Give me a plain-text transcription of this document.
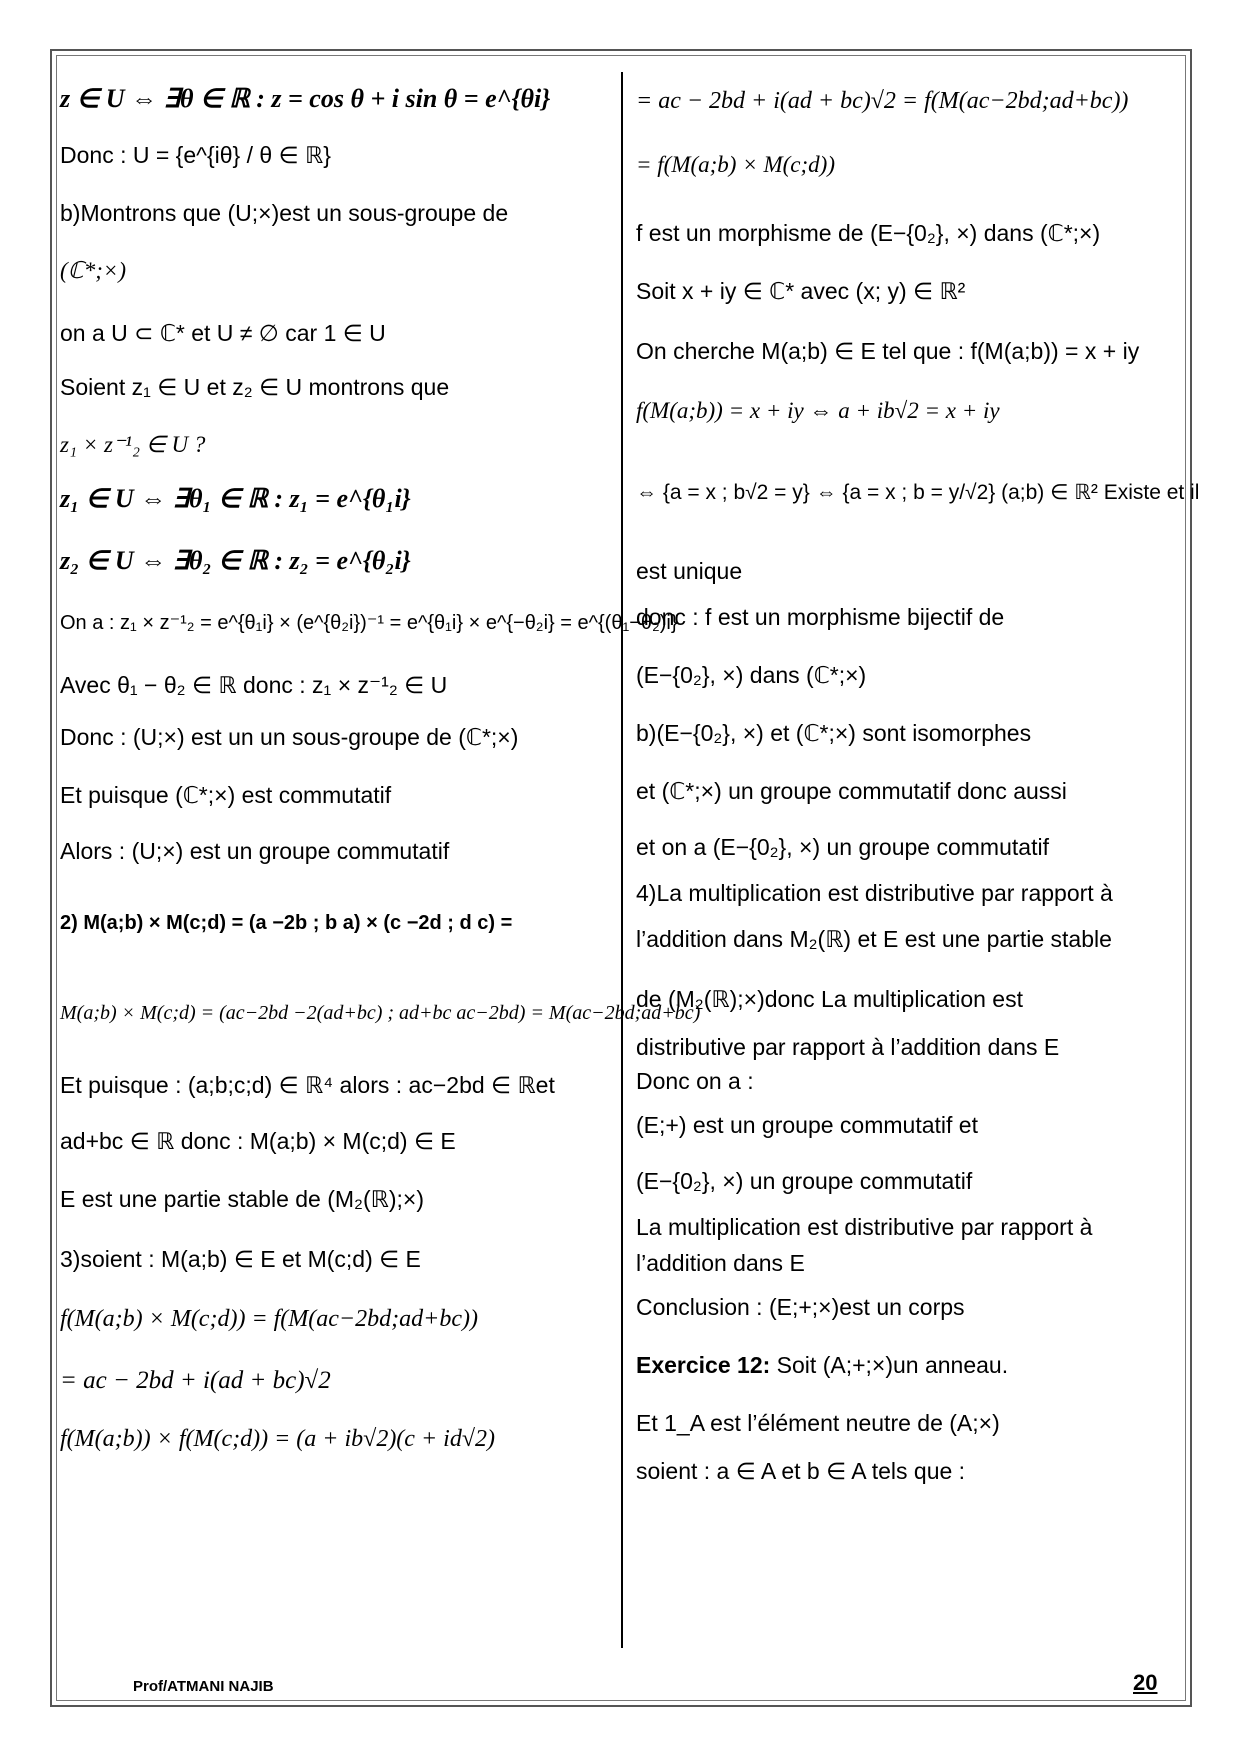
z ∈ U ⇔ ∃θ ∈ ℝ : z = cos θ + i sin θ = e^{θi}
Donc : U = {e^{iθ} / θ ∈ ℝ}
b)Montrons que (U;×)est un sous-groupe de
(ℂ*;×)
on a U ⊂ ℂ* et U ≠ ∅ car 1 ∈ U
Soient z₁ ∈ U et z₂ ∈ U montrons que
z₁ × z⁻¹₂ ∈ U ?
z₁ ∈ U ⇔ ∃θ₁ ∈ ℝ : z₁ = e^{θ₁i}
z₂ ∈ U ⇔ ∃θ₂ ∈ ℝ : z₂ = e^{θ₂i}
On a : z₁ × z⁻¹₂ = e^{θ₁i} × (e^{θ₂i})⁻¹ = e^{θ₁i} × e^{−θ₂i} = e^{(θ₁−θ₂)i}
Avec θ₁ − θ₂ ∈ ℝ donc : z₁ × z⁻¹₂ ∈ U
Donc : (U;×) est un un sous-groupe de (ℂ*;×)
Et puisque (ℂ*;×) est commutatif
Alors : (U;×) est un groupe commutatif
2) M(a;b) × M(c;d) = (a −2b ; b a) × (c −2d ; d c) =
M(a;b) × M(c;d) = (ac−2bd −2(ad+bc) ; ad+bc ac−2bd) = M(ac−2bd;ad+bc)
Et puisque : (a;b;c;d) ∈ ℝ⁴ alors : ac−2bd ∈ ℝet
ad+bc ∈ ℝ donc : M(a;b) × M(c;d) ∈ E
E est une partie stable de (M₂(ℝ);×)
3)soient : M(a;b) ∈ E et M(c;d) ∈ E
f(M(a;b) × M(c;d)) = f(M(ac−2bd;ad+bc))
= ac − 2bd + i(ad + bc)√2
f(M(a;b)) × f(M(c;d)) = (a + ib√2)(c + id√2)
= ac − 2bd + i(ad + bc)√2 = f(M(ac−2bd;ad+bc))
= f(M(a;b) × M(c;d))
f est un morphisme de (E−{0₂}, ×) dans (ℂ*;×)
Soit x + iy ∈ ℂ* avec (x; y) ∈ ℝ²
On cherche M(a;b) ∈ E tel que : f(M(a;b)) = x + iy
f(M(a;b)) = x + iy ⇔ a + ib√2 = x + iy
⇔ {a = x ; b√2 = y} ⇔ {a = x ; b = y/√2} (a;b) ∈ ℝ² Existe et il
est unique
donc : f est un morphisme bijectif de
(E−{0₂}, ×) dans (ℂ*;×)
b)(E−{0₂}, ×) et (ℂ*;×) sont isomorphes
et (ℂ*;×) un groupe commutatif donc aussi
et on a (E−{0₂}, ×) un groupe commutatif
4)La multiplication est distributive par rapport à
l’addition dans M₂(ℝ) et E est une partie stable
de (M₂(ℝ);×)donc La multiplication est
distributive par rapport à l’addition dans E
Donc on a :
(E;+) est un groupe commutatif et
(E−{0₂}, ×) un groupe commutatif
La multiplication est distributive par rapport à
l’addition dans E
Conclusion : (E;+;×)est un corps
Exercice 12: Soit (A;+;×)un anneau.
Et 1_A est l’élément neutre de (A;×)
soient : a ∈ A et b ∈ A tels que :
Prof/ATMANI NAJIB	20
